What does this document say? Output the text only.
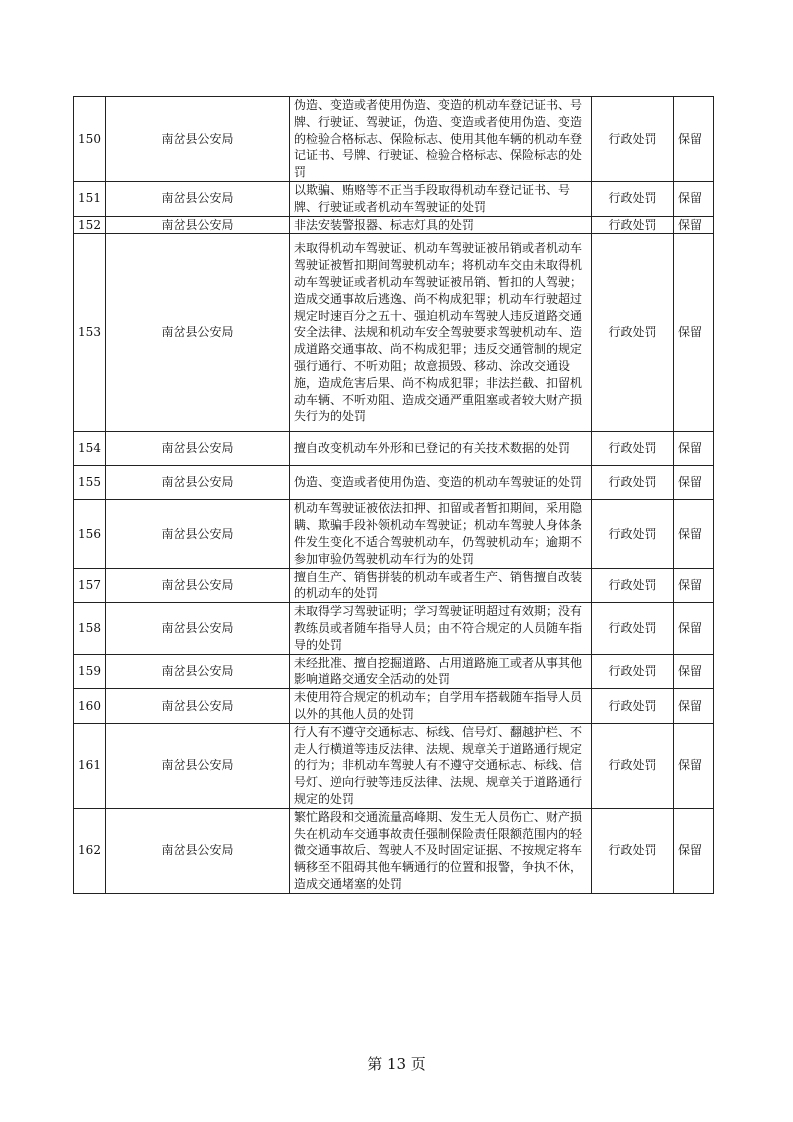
150	南岔县公安局	伪造、变造或者使用伪造、变造的机动车登记证书、号牌、行驶证、驾驶证，伪造、变造或者使用伪造、变造的检验合格标志、保险标志、使用其他车辆的机动车登记证书、号牌、行驶证、检验合格标志、保险标志的处罚	行政处罚	保留
151	南岔县公安局	以欺骗、贿赂等不正当手段取得机动车登记证书、号牌、行驶证或者机动车驾驶证的处罚	行政处罚	保留
152	南岔县公安局	非法安装警报器、标志灯具的处罚	行政处罚	保留
153	南岔县公安局	未取得机动车驾驶证、机动车驾驶证被吊销或者机动车驾驶证被暂扣期间驾驶机动车；将机动车交由未取得机动车驾驶证或者机动车驾驶证被吊销、暂扣的人驾驶；造成交通事故后逃逸、尚不构成犯罪；机动车行驶超过规定时速百分之五十、强迫机动车驾驶人违反道路交通安全法律、法规和机动车安全驾驶要求驾驶机动车、造成道路交通事故、尚不构成犯罪；违反交通管制的规定强行通行、不听劝阻；故意损毁、移动、涂改交通设施，造成危害后果、尚不构成犯罪；非法拦截、扣留机动车辆、不听劝阻、造成交通严重阻塞或者较大财产损失行为的处罚	行政处罚	保留
154	南岔县公安局	擅自改变机动车外形和已登记的有关技术数据的处罚	行政处罚	保留
155	南岔县公安局	伪造、变造或者使用伪造、变造的机动车驾驶证的处罚	行政处罚	保留
156	南岔县公安局	机动车驾驶证被依法扣押、扣留或者暂扣期间，采用隐瞒、欺骗手段补领机动车驾驶证；机动车驾驶人身体条件发生变化不适合驾驶机动车，仍驾驶机动车；逾期不参加审验仍驾驶机动车行为的处罚	行政处罚	保留
157	南岔县公安局	擅自生产、销售拼装的机动车或者生产、销售擅自改装的机动车的处罚	行政处罚	保留
158	南岔县公安局	未取得学习驾驶证明；学习驾驶证明超过有效期；没有教练员或者随车指导人员；由不符合规定的人员随车指导的处罚	行政处罚	保留
159	南岔县公安局	未经批准、擅自挖掘道路、占用道路施工或者从事其他影响道路交通安全活动的处罚	行政处罚	保留
160	南岔县公安局	未使用符合规定的机动车；自学用车搭载随车指导人员以外的其他人员的处罚	行政处罚	保留
161	南岔县公安局	行人有不遵守交通标志、标线、信号灯、翻越护栏、不走人行横道等违反法律、法规、规章关于道路通行规定的行为；非机动车驾驶人有不遵守交通标志、标线、信号灯、逆向行驶等违反法律、法规、规章关于道路通行规定的处罚	行政处罚	保留
162	南岔县公安局	繁忙路段和交通流量高峰期、发生无人员伤亡、财产损失在机动车交通事故责任强制保险责任限额范围内的轻微交通事故后、驾驶人不及时固定证据、不按规定将车辆移至不阻碍其他车辆通行的位置和报警，争执不休，造成交通堵塞的处罚	行政处罚	保留
第 13 页
